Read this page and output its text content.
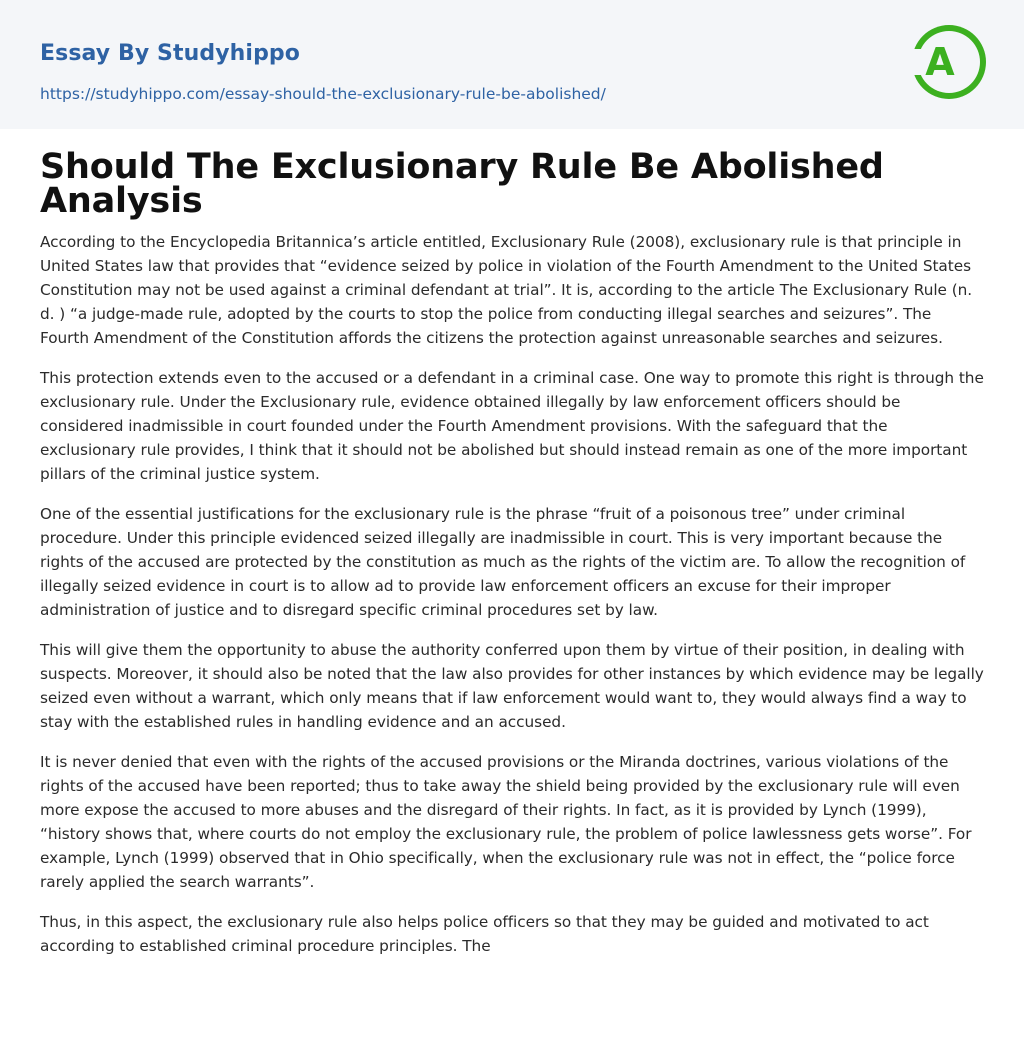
Essay By Studyhippo
https://studyhippo.com/essay-should-the-exclusionary-rule-be-abolished/
A
Should The Exclusionary Rule Be Abolished Analysis

According to the Encyclopedia Britannica’s article entitled, Exclusionary Rule (2008), exclusionary rule is that principle in United States law that provides that “evidence seized by police in violation of the Fourth Amendment to the United States Constitution may not be used against a criminal defendant at trial”. It is, according to the article The Exclusionary Rule (n. d. ) “a judge-made rule, adopted by the courts to stop the police from conducting illegal searches and seizures”. The Fourth Amendment of the Constitution affords the citizens the protection against unreasonable searches and seizures.

This protection extends even to the accused or a defendant in a criminal case. One way to promote this right is through the exclusionary rule. Under the Exclusionary rule, evidence obtained illegally by law enforcement officers should be considered inadmissible in court founded under the Fourth Amendment provisions. With the safeguard that the exclusionary rule provides, I think that it should not be abolished but should instead remain as one of the more important pillars of the criminal justice system.

One of the essential justifications for the exclusionary rule is the phrase “fruit of a poisonous tree” under criminal procedure. Under this principle evidenced seized illegally are inadmissible in court. This is very important because the rights of the accused are protected by the constitution as much as the rights of the victim are. To allow the recognition of illegally seized evidence in court is to allow ad to provide law enforcement officers an excuse for their improper administration of justice and to disregard specific criminal procedures set by law.

This will give them the opportunity to abuse the authority conferred upon them by virtue of their position, in dealing with suspects. Moreover, it should also be noted that the law also provides for other instances by which evidence may be legally seized even without a warrant, which only means that if law enforcement would want to, they would always find a way to stay with the established rules in handling evidence and an accused.

It is never denied that even with the rights of the accused provisions or the Miranda doctrines, various violations of the rights of the accused have been reported; thus to take away the shield being provided by the exclusionary rule will even more expose the accused to more abuses and the disregard of their rights. In fact, as it is provided by Lynch (1999), “history shows that, where courts do not employ the exclusionary rule, the problem of police lawlessness gets worse”. For example, Lynch (1999) observed that in Ohio specifically, when the exclusionary rule was not in effect, the “police force rarely applied the search warrants”.

Thus, in this aspect, the exclusionary rule also helps police officers so that they may be guided and motivated to act according to established criminal procedure principles. The
